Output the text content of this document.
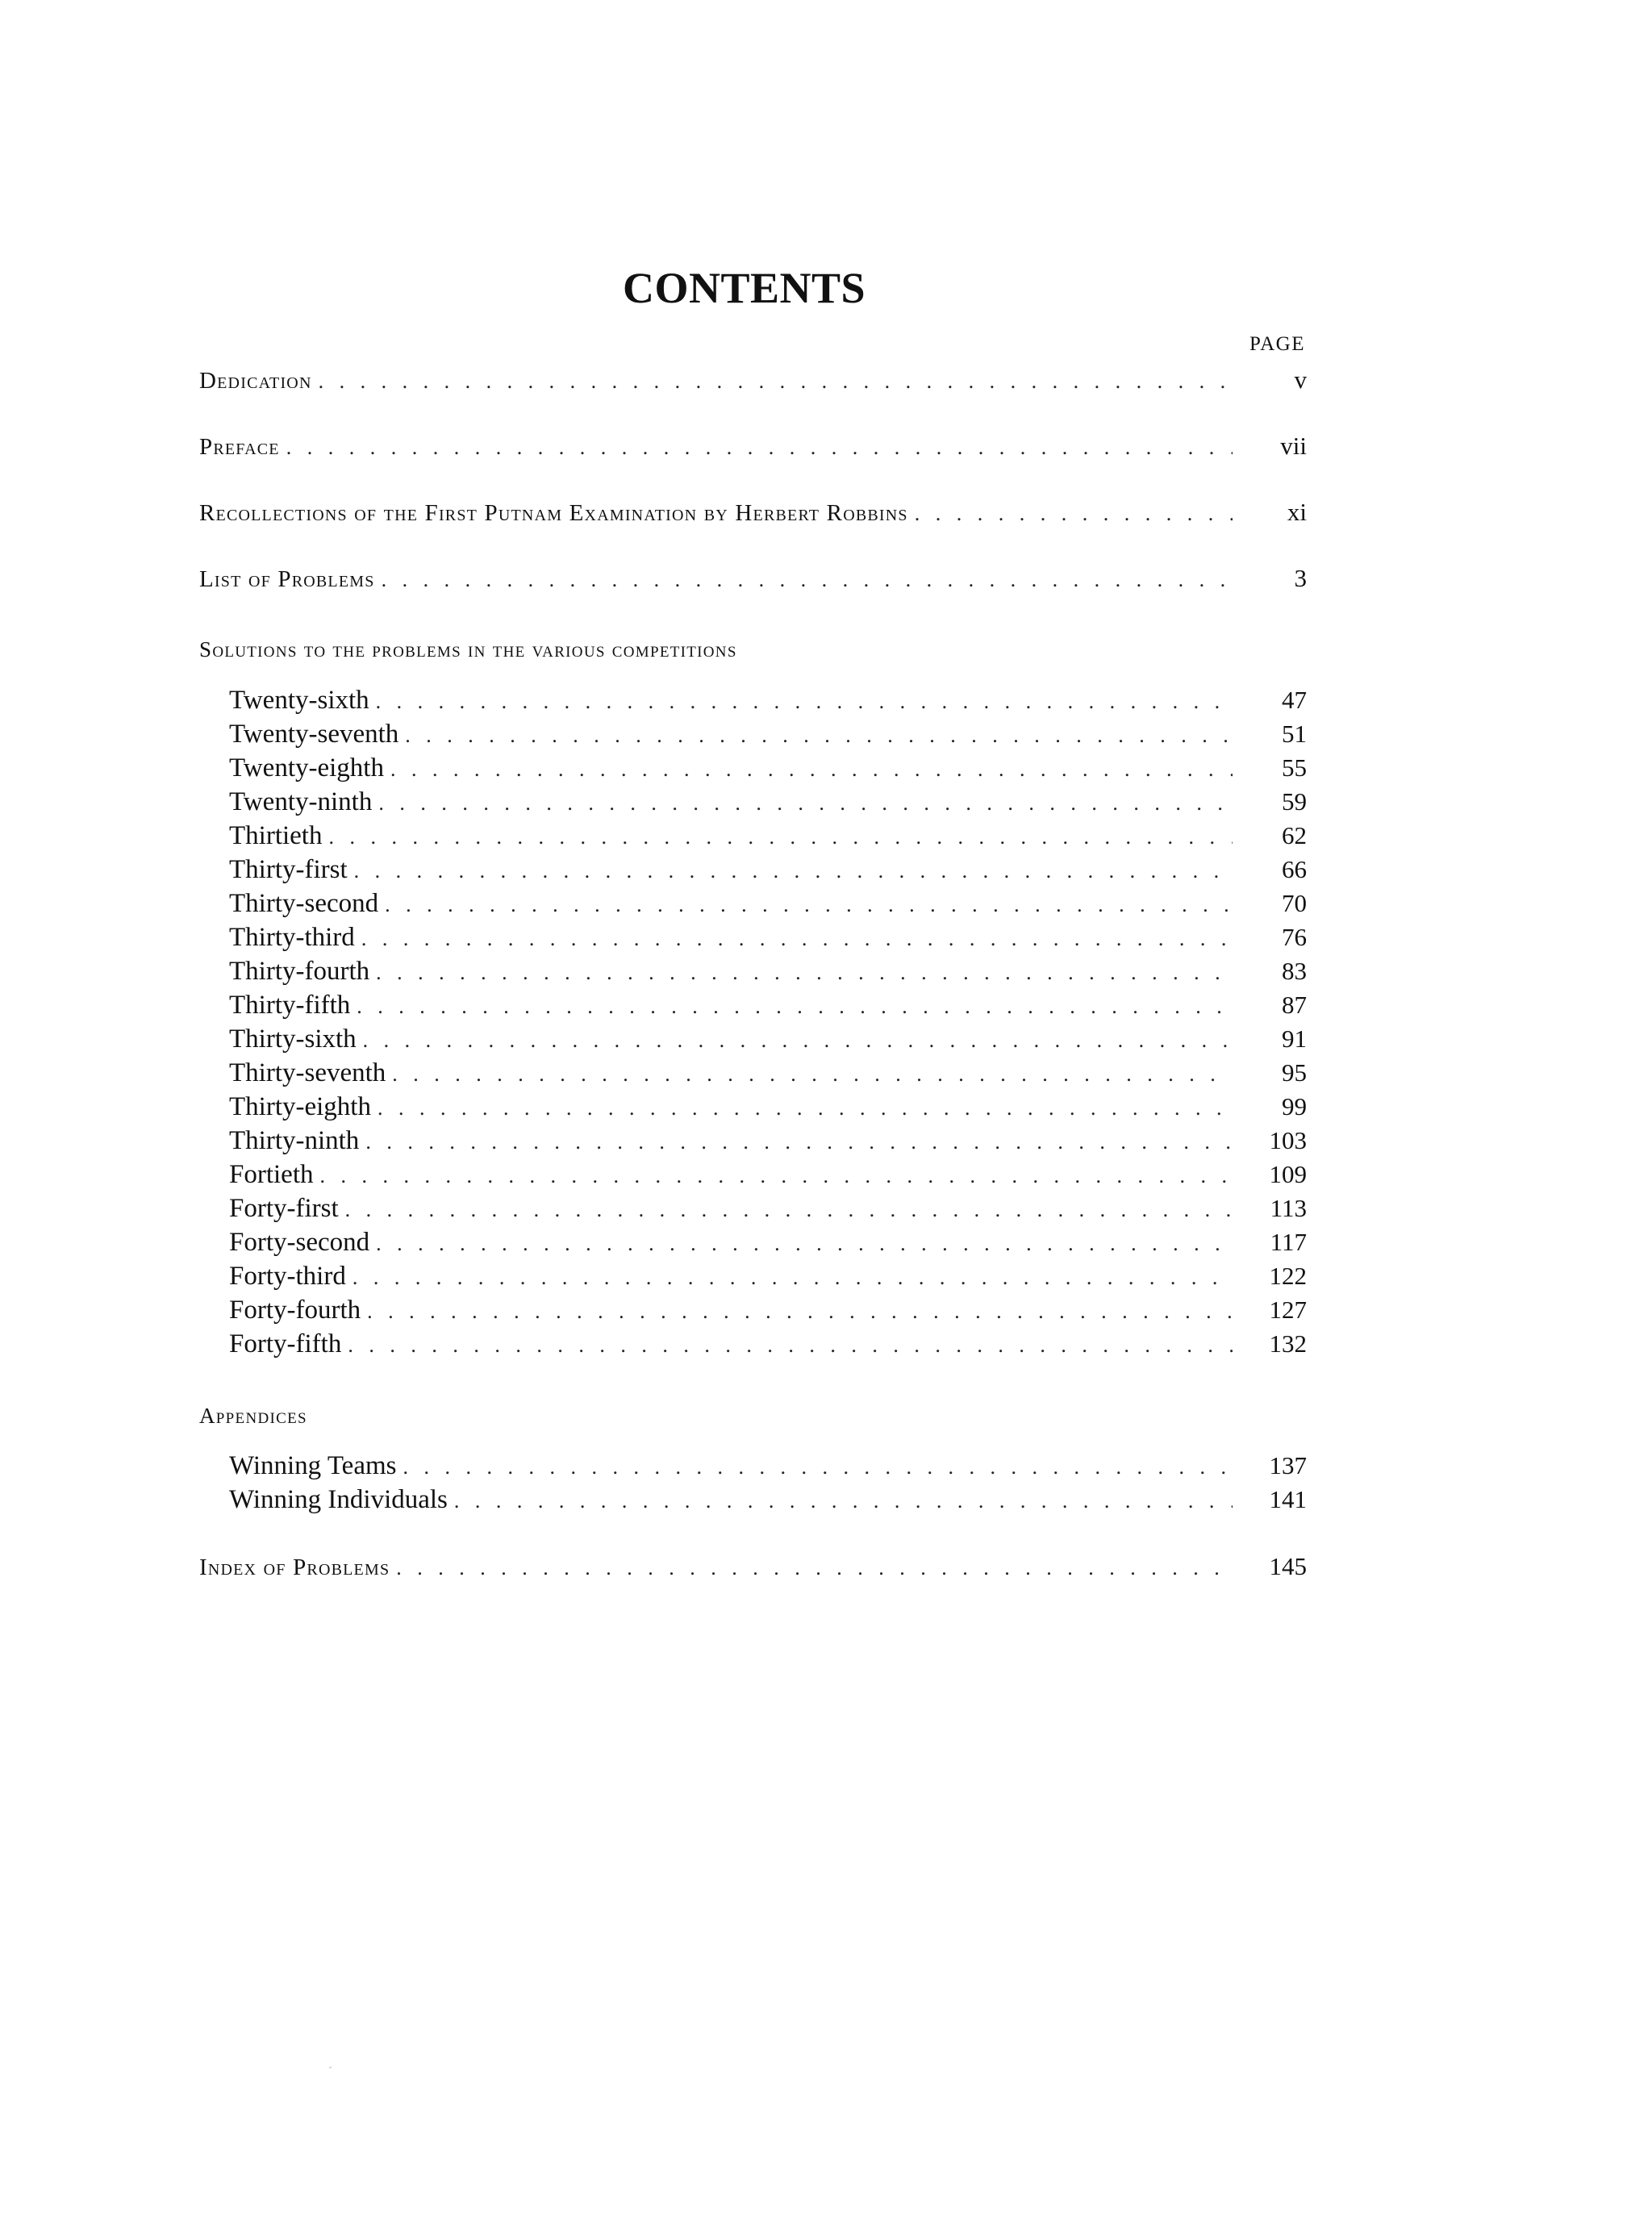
CONTENTS
PAGE
Dedication . . .	v
Preface . . .	vii
Recollections of the First Putnam Examination by Herbert Robbins . . .	xi
List of Problems . . .	3
Twenty-sixth . . .	47
Twenty-seventh . . .	51
Twenty-eighth . . .	55
Twenty-ninth . . .	59
Thirtieth . . .	62
Thirty-first . . .	66
Thirty-second . . .	70
Thirty-third . . .	76
Thirty-fourth . . .	83
Thirty-fifth . . .	87
Thirty-sixth . . .	91
Thirty-seventh . . .	95
Thirty-eighth . . .	99
Thirty-ninth . . .	103
Fortieth . . .	109
Forty-first . . .	113
Forty-second . . .	117
Forty-third . . .	122
Forty-fourth . . .	127
Forty-fifth . . .	132
Winning Teams . . .	137
Winning Individuals . . .	141
Index of Problems . . .	145
Solutions to the problems in the various competitions
Appendices
